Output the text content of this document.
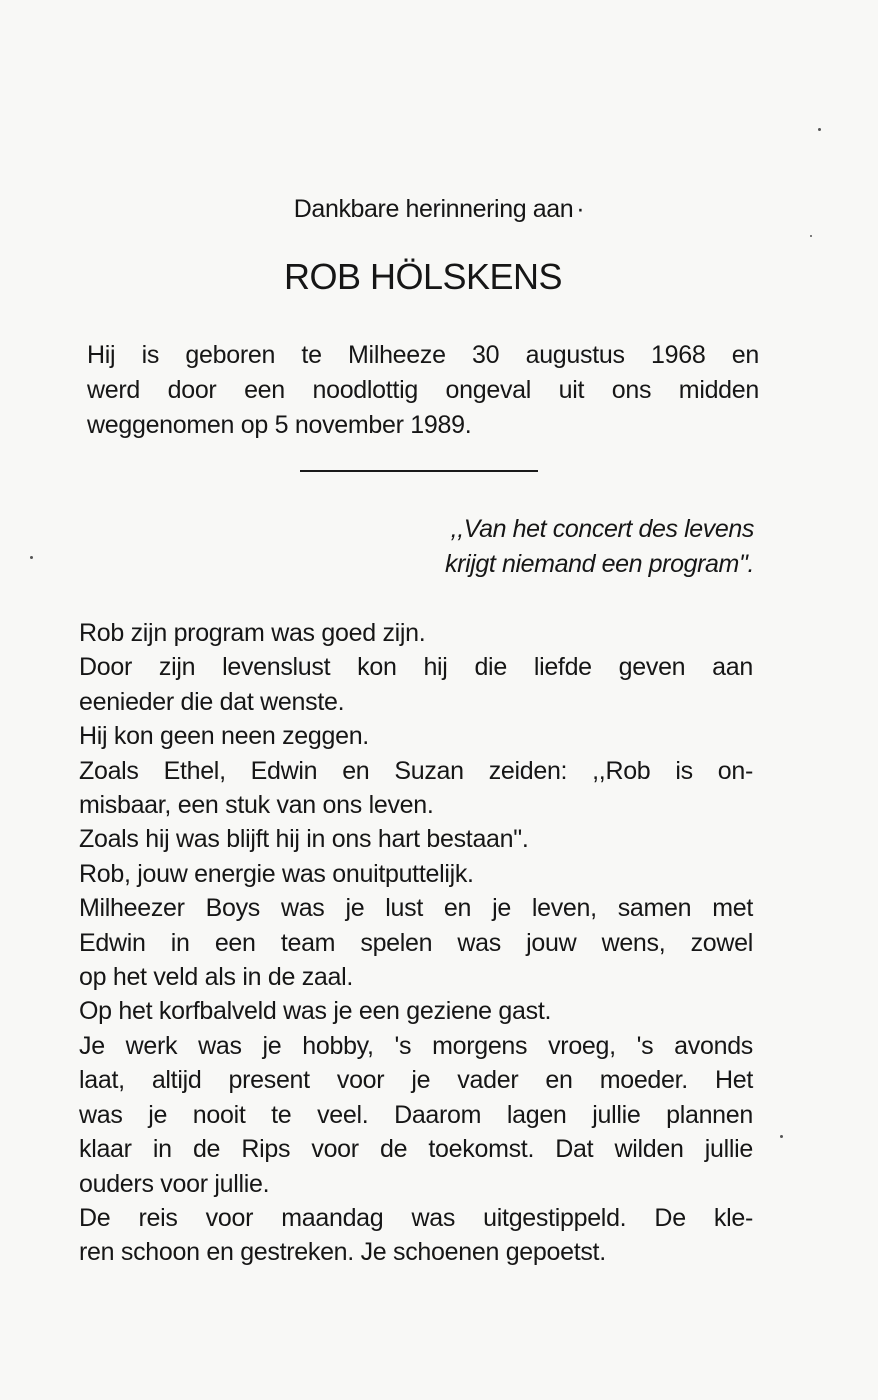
Dankbare herinnering aan ·
ROB HÖLSKENS
Hij is geboren te Milheeze 30 augustus 1968 en
werd door een noodlottig ongeval uit ons midden
weggenomen op 5 november 1989.
,,Van het concert des levens
krijgt niemand een program".
Rob zijn program was goed zijn.
Door zijn levenslust kon hij die liefde geven aan
eenieder die dat wenste.
Hij kon geen neen zeggen.
Zoals Ethel, Edwin en Suzan zeiden: ,,Rob is on-
misbaar, een stuk van ons leven.
Zoals hij was blijft hij in ons hart bestaan".
Rob, jouw energie was onuitputtelijk.
Milheezer Boys was je lust en je leven, samen met
Edwin in een team spelen was jouw wens, zowel
op het veld als in de zaal.
Op het korfbalveld was je een geziene gast.
Je werk was je hobby, 's morgens vroeg, 's avonds
laat, altijd present voor je vader en moeder. Het
was je nooit te veel. Daarom lagen jullie plannen
klaar in de Rips voor de toekomst. Dat wilden jullie
ouders voor jullie.
De reis voor maandag was uitgestippeld. De kle-
ren schoon en gestreken. Je schoenen gepoetst.
